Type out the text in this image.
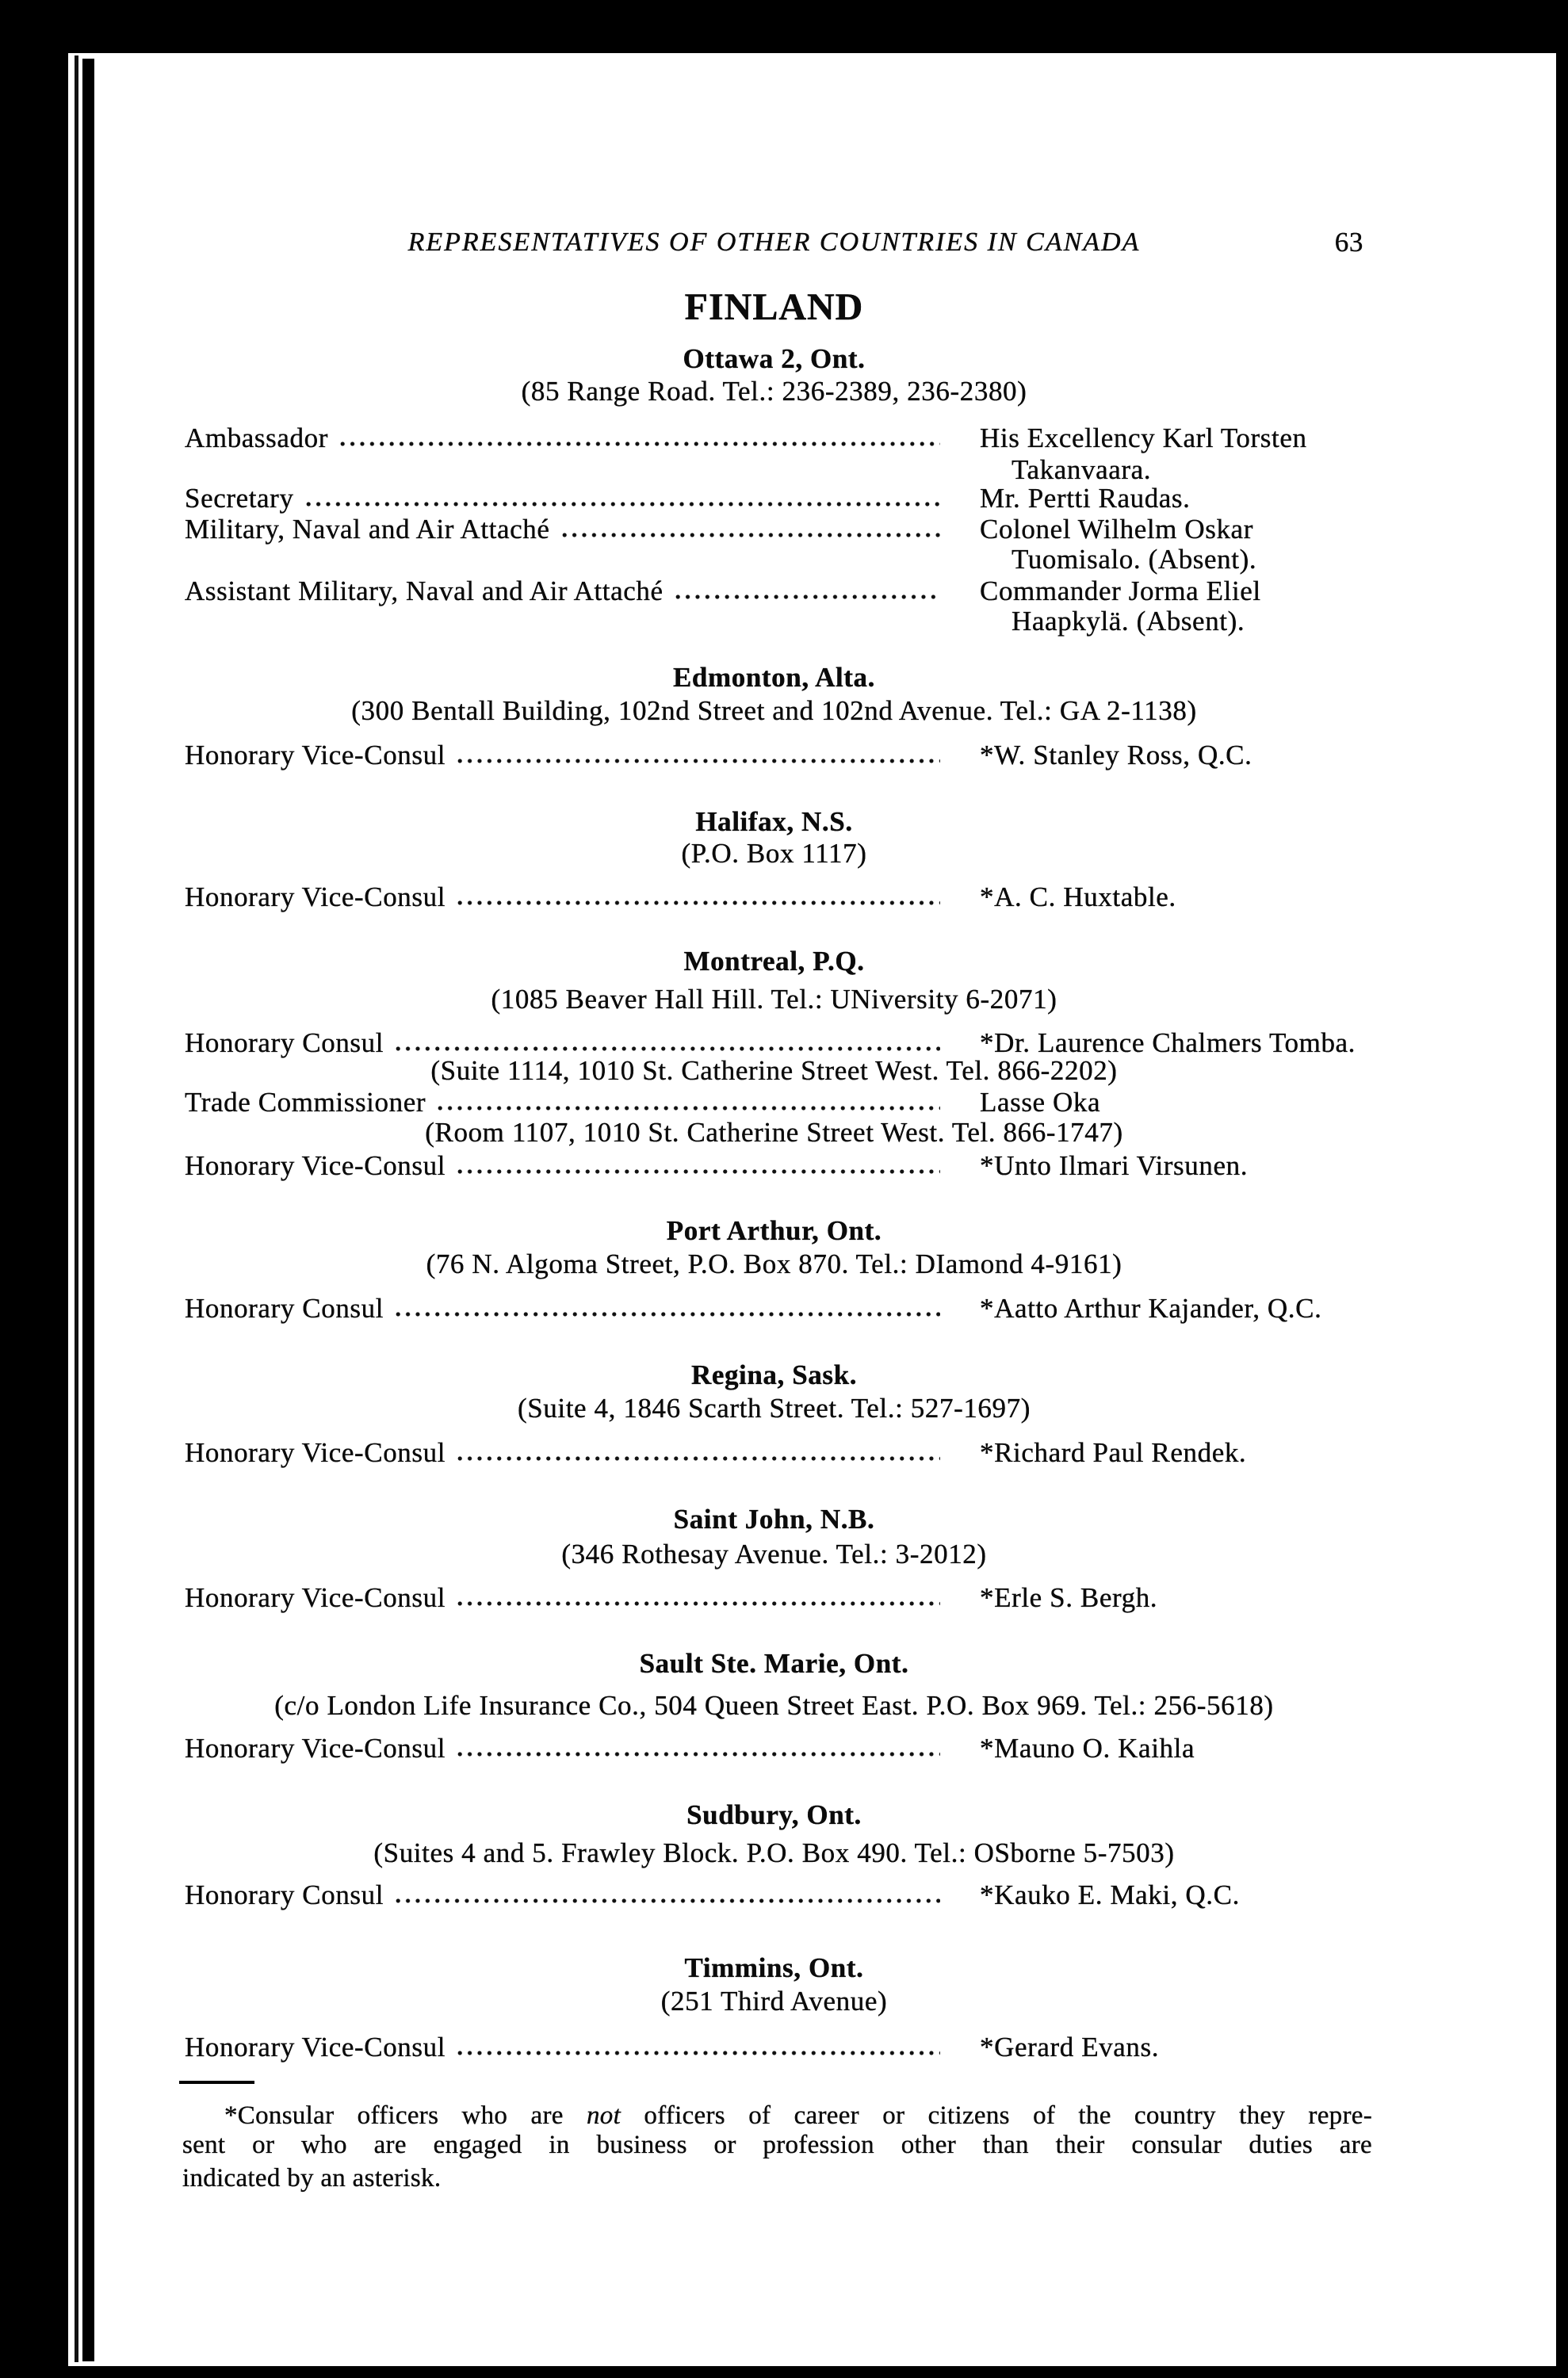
REPRESENTATIVES OF OTHER COUNTRIES IN CANADA	63
FINLAND
Ottawa 2, Ont.
(85 Range Road. Tel.: 236-2389, 236-2380)
Ambassador	His Excellency Karl Torsten
Takanvaara.
Secretary	Mr. Pertti Raudas.
Military, Naval and Air Attaché	Colonel Wilhelm Oskar
Tuomisalo. (Absent).
Assistant Military, Naval and Air Attaché	Commander Jorma Eliel
Haapkylä. (Absent).
Edmonton, Alta.
(300 Bentall Building, 102nd Street and 102nd Avenue. Tel.: GA 2-1138)
Honorary Vice-Consul	*W. Stanley Ross, Q.C.
Halifax, N.S.
(P.O. Box 1117)
Honorary Vice-Consul	*A. C. Huxtable.
Montreal, P.Q.
(1085 Beaver Hall Hill. Tel.: UNiversity 6-2071)
Honorary Consul	*Dr. Laurence Chalmers Tomba.
(Suite 1114, 1010 St. Catherine Street West. Tel. 866-2202)
Trade Commissioner	Lasse Oka
(Room 1107, 1010 St. Catherine Street West. Tel. 866-1747)
Honorary Vice-Consul	*Unto Ilmari Virsunen.
Port Arthur, Ont.
(76 N. Algoma Street, P.O. Box 870. Tel.: DIamond 4-9161)
Honorary Consul	*Aatto Arthur Kajander, Q.C.
Regina, Sask.
(Suite 4, 1846 Scarth Street. Tel.: 527-1697)
Honorary Vice-Consul	*Richard Paul Rendek.
Saint John, N.B.
(346 Rothesay Avenue. Tel.: 3-2012)
Honorary Vice-Consul	*Erle S. Bergh.
Sault Ste. Marie, Ont.
(c/o London Life Insurance Co., 504 Queen Street East. P.O. Box 969. Tel.: 256-5618)
Honorary Vice-Consul	*Mauno O. Kaihla
Sudbury, Ont.
(Suites 4 and 5. Frawley Block. P.O. Box 490. Tel.: OSborne 5-7503)
Honorary Consul	*Kauko E. Maki, Q.C.
Timmins, Ont.
(251 Third Avenue)
Honorary Vice-Consul	*Gerard Evans.
*Consular officers who are not officers of career or citizens of the country they repre-
sent or who are engaged in business or profession other than their consular duties are
indicated by an asterisk.
